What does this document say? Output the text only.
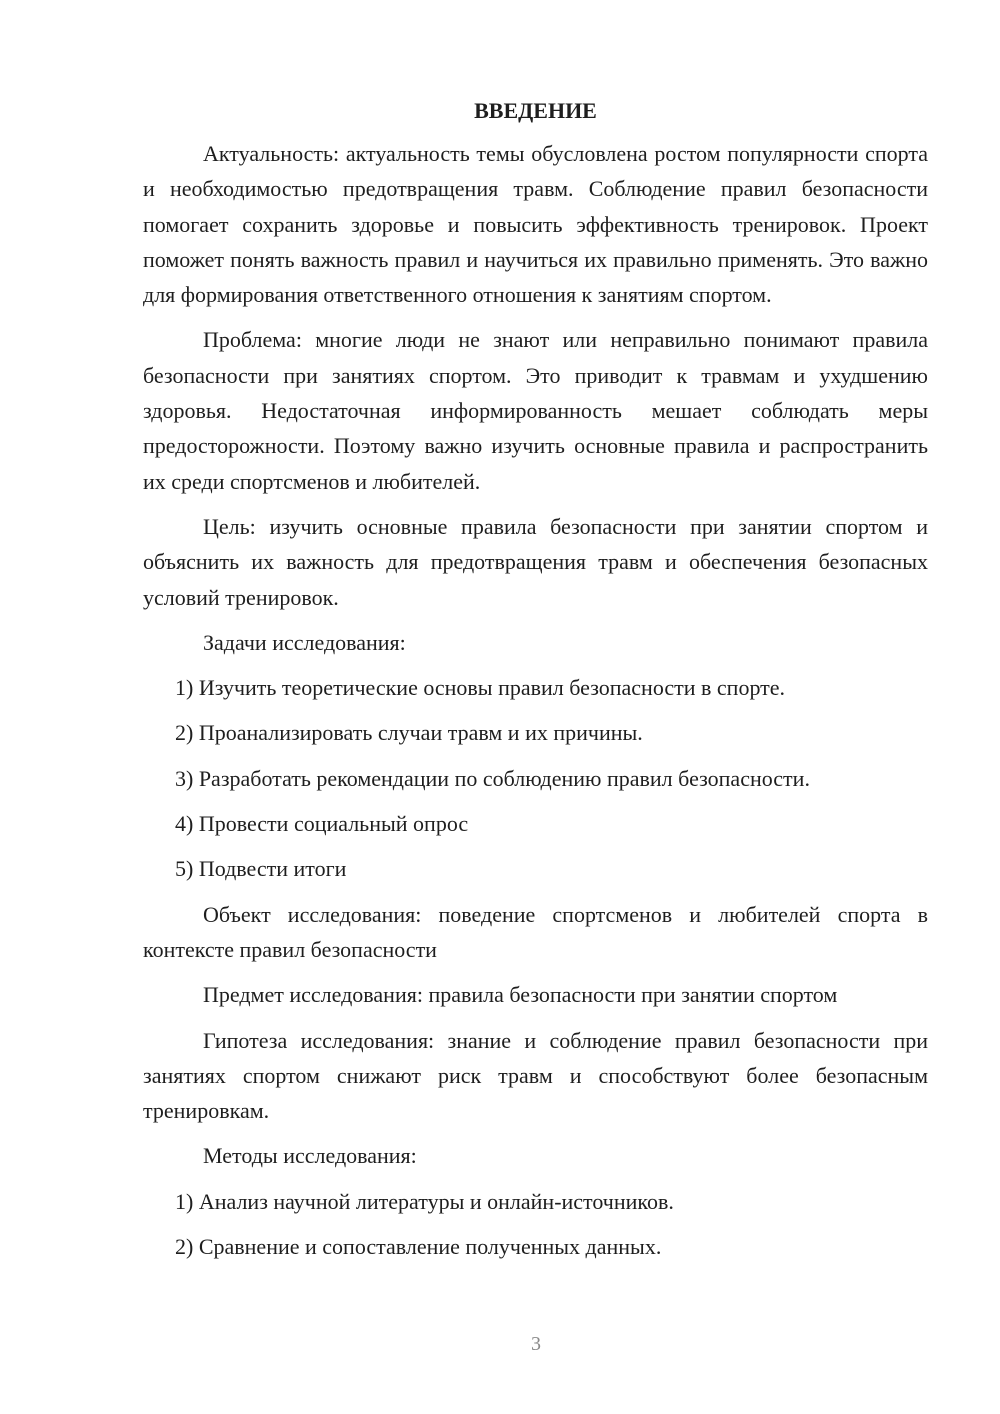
ВВЕДЕНИЕ

Актуальность: актуальность темы обусловлена ростом популярности спорта и необходимостью предотвращения травм. Соблюдение правил безопасности помогает сохранить здоровье и повысить эффективность тренировок. Проект поможет понять важность правил и научиться их правильно применять. Это важно для формирования ответственного отношения к занятиям спортом.

Проблема: многие люди не знают или неправильно понимают правила безопасности при занятиях спортом. Это приводит к травмам и ухудшению здоровья. Недостаточная информированность мешает соблюдать меры предосторожности. Поэтому важно изучить основные правила и распространить их среди спортсменов и любителей.

Цель: изучить основные правила безопасности при занятии спортом и объяснить их важность для предотвращения травм и обеспечения безопасных условий тренировок.

Задачи исследования:

1) Изучить теоретические основы правил безопасности в спорте.

2) Проанализировать случаи травм и их причины.

3) Разработать рекомендации по соблюдению правил безопасности.

4) Провести социальный опрос

5) Подвести итоги

Объект исследования: поведение спортсменов и любителей спорта в контексте правил безопасности

Предмет исследования: правила безопасности при занятии спортом

Гипотеза исследования: знание и соблюдение правил безопасности при занятиях спортом снижают риск травм и способствуют более безопасным тренировкам.

Методы исследования:

1) Анализ научной литературы и онлайн-источников.

2) Сравнение и сопоставление полученных данных.

3
